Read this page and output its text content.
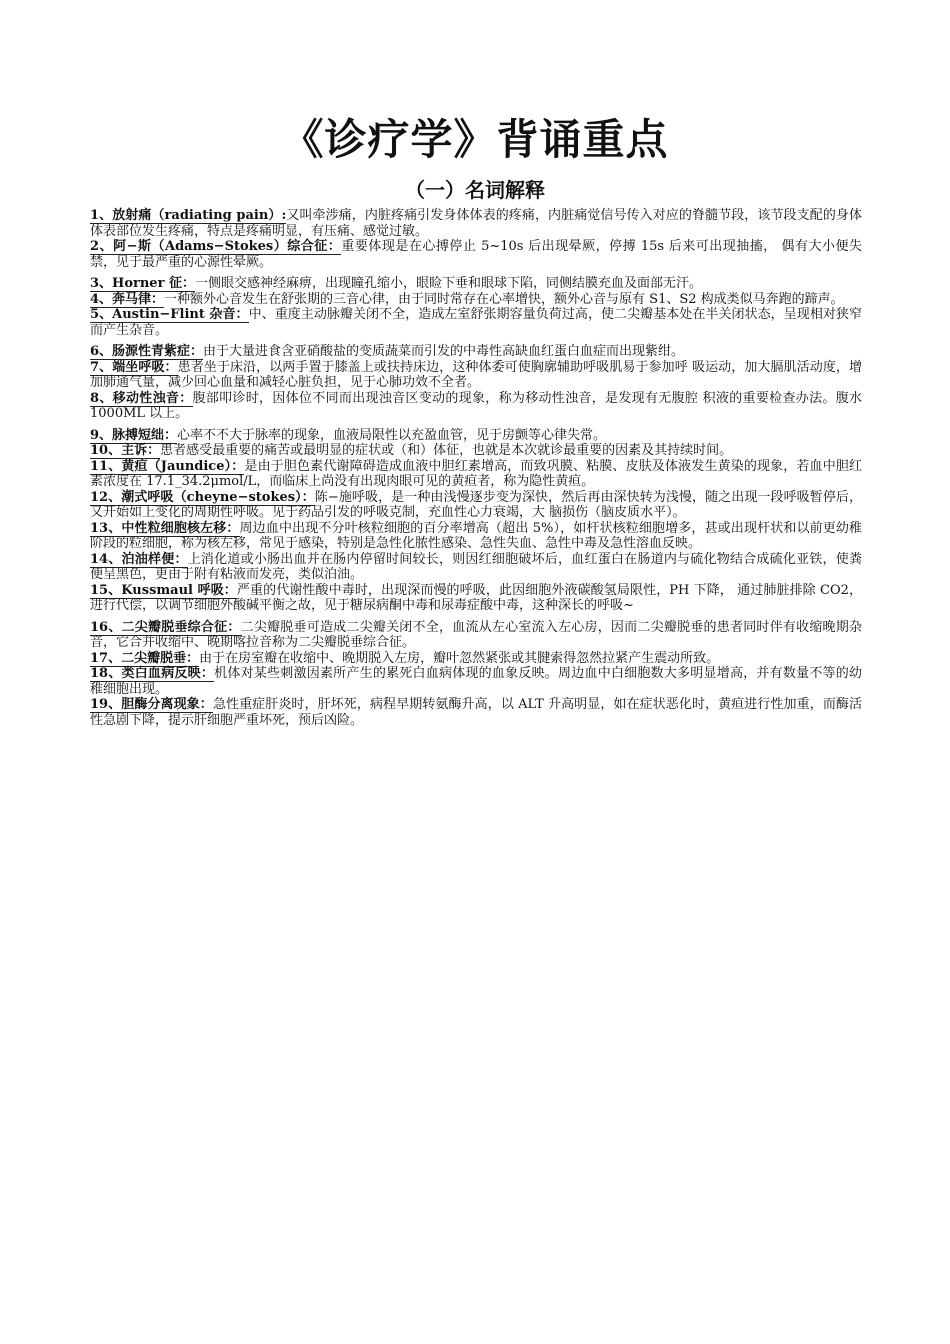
《诊疗学》背诵重点
（一）名词解释

1、放射痛（radiating pain）:又叫牵涉痛，内脏疼痛引发身体体表的疼痛，内脏痛觉信号传入对应的脊髓节段，该节段支配的身体体表部位发生疼痛，特点是疼痛明显，有压痛、感觉过敏。

2、阿−斯（Adams−Stokes）综合征：重要体现是在心搏停止 5~10s 后出现晕厥，停搏 15s 后来可出现抽搐， 偶有大小便失禁，见于最严重的心源性晕厥。

3、Horner 征：一侧眼交感神经麻痹，出现瞳孔缩小，眼睑下垂和眼球下陷，同侧结膜充血及面部无汗。

4、奔马律：一种额外心音发生在舒张期的三音心律，由于同时常存在心率增快，额外心音与原有 S1、S2 构成类似马奔跑的蹄声。

5、Austin−Flint 杂音：中、重度主动脉瓣关闭不全，造成左室舒张期容量负荷过高，使二尖瓣基本处在半关闭状态，呈现相对狭窄而产生杂音。

6、肠源性青紫症：由于大量进食含亚硝酸盐的变质蔬菜而引发的中毒性高缺血红蛋白血症而出现紫绀。

7、端坐呼吸：患者坐于床沿，以两手置于膝盖上或扶持床边，这种体委可使胸廓辅助呼吸肌易于参加呼 吸运动，加大膈肌活动度，增加肺通气量，减少回心血量和减轻心脏负担，见于心肺功效不全者。

8、移动性浊音：腹部叩诊时，因体位不同而出现浊音区变动的现象，称为移动性浊音，是发现有无腹腔 积液的重要检查办法。腹水 1000ML 以上。

9、脉搏短绌：心率不不大于脉率的现象，血液局限性以充盈血管，见于房颤等心律失常。

10、主诉：患者感受最重要的痛苦或最明显的症状或（和）体征，也就是本次就诊最重要的因素及其持续时间。

11、黄疸（Jaundice）：是由于胆色素代谢障碍造成血液中胆红素增高，而致巩膜、粘膜、皮肤及体液发生黄染的现象，若血中胆红素浓度在 17.1_34.2μmol/L，而临床上尚没有出现肉眼可见的黄疸者，称为隐性黄疸。

12、潮式呼吸（cheyne−stokes）：陈−施呼吸，是一种由浅慢逐步变为深快，然后再由深快转为浅慢，随之出现一段呼吸暂停后，又开始如上变化的周期性呼吸。见于药品引发的呼吸克制，充血性心力衰竭，大 脑损伤（脑皮质水平）。

13、中性粒细胞核左移：周边血中出现不分叶核粒细胞的百分率增高（超出 5%），如杆状核粒细胞增多，甚或出现杆状和以前更幼稚阶段的粒细胞，称为核左移，常见于感染，特别是急性化脓性感染、急性失血、急性中毒及急性溶血反映。

14、泊油样便：上消化道或小肠出血并在肠内停留时间较长，则因红细胞破坏后，血红蛋白在肠道内与硫化物结合成硫化亚铁，使粪便呈黑色，更由于附有粘液而发亮，类似泊油。

15、Kussmaul 呼吸：严重的代谢性酸中毒时，出现深而慢的呼吸，此因细胞外液碳酸氢局限性，PH 下降， 通过肺脏排除 CO2，进行代偿，以调节细胞外酸碱平衡之故，见于糖尿病酮中毒和尿毒症酸中毒，这种深长的呼吸~

16、二尖瓣脱垂综合征：二尖瓣脱垂可造成二尖瓣关闭不全，血流从左心室流入左心房，因而二尖瓣脱垂的患者同时伴有收缩晚期杂音，它合并收缩中、晚期喀拉音称为二尖瓣脱垂综合征。

17、二尖瓣脱垂：由于在房室瓣在收缩中、晚期脱入左房，瓣叶忽然紧张或其腱索得忽然拉紧产生震动所致。

18、类白血病反映：机体对某些刺激因素所产生的累死白血病体现的血象反映。周边血中白细胞数大多明显增高，并有数量不等的幼稚细胞出现。

19、胆酶分离现象：急性重症肝炎时，肝坏死，病程早期转氨酶升高，以 ALT 升高明显，如在症状恶化时，黄疸进行性加重，而酶活性急剧下降，提示肝细胞严重坏死，预后凶险。
